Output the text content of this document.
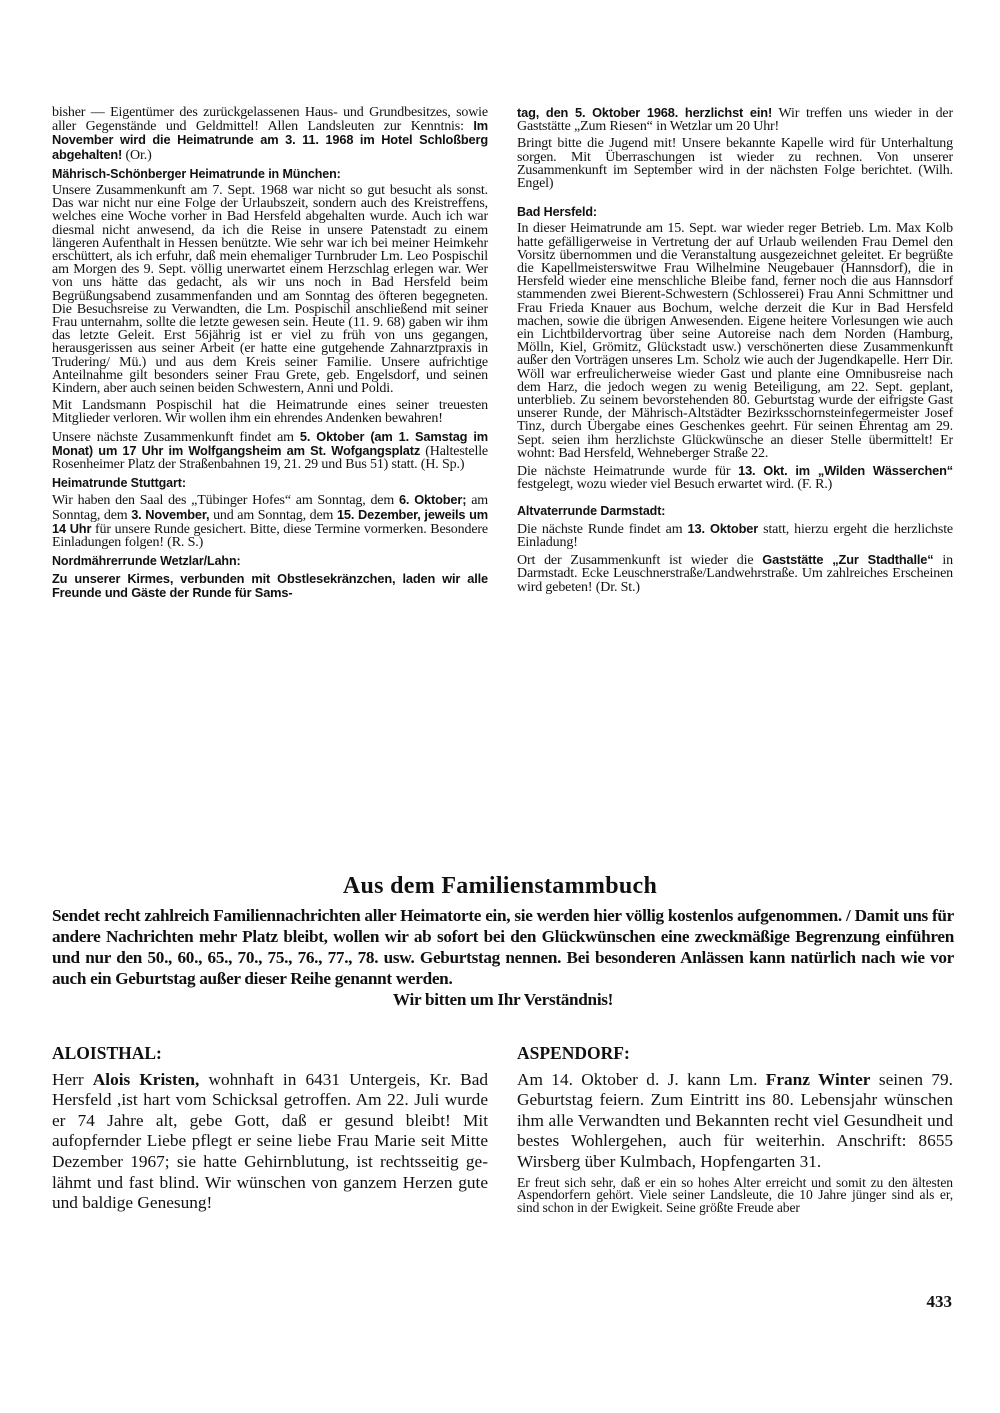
bisher — Eigentümer des zurückgelassenen Haus- und Grundbesitzes, sowie aller Gegenstände und Geldmittel! Allen Landsleuten zur Kenntnis: Im November wird die Heimatrunde am 3. 11. 1968 im Hotel Schloßberg abgehalten! (Or.)

Mährisch-Schönberger Heimatrunde in München:

Unsere Zusammenkunft am 7. Sept. 1968 war nicht so gut besucht als sonst. Das war nicht nur eine Folge der Urlaubszeit, sondern auch des Kreistreffens, welches eine Woche vorher in Bad Hersfeld abgehalten wurde. Auch ich war diesmal nicht anwesend, da ich die Reise in unsere Patenstadt zu einem längeren Aufenthalt in Hessen benützte. Wie sehr war ich bei meiner Heimkehr erschüttert, als ich erfuhr, daß mein ehemaliger Turnbruder Lm. Leo Pospischil am Morgen des 9. Sept. völlig unerwartet einem Herzschlag erlegen war. Wer von uns hätte das gedacht, als wir uns noch in Bad Hersfeld beim Begrüßungsabend zusammenfanden und am Sonntag des öfteren begegneten. Die Besuchsreise zu Verwandten, die Lm. Pospischil anschließend mit seiner Frau unternahm, sollte die letzte gewesen sein. Heute (11. 9. 68) gaben wir ihm das letzte Geleit. Erst 56jährig ist er viel zu früh von uns gegangen, herausgerissen aus seiner Arbeit (er hatte eine gutgehende Zahnarztpraxis in Trudering/ Mü.) und aus dem Kreis seiner Familie. Unsere aufrichtige Anteilnahme gilt besonders seiner Frau Grete, geb. Engelsdorf, und seinen Kindern, aber auch seinen beiden Schwestern, Anni und Poldi.

Mit Landsmann Pospischil hat die Heimatrunde eines seiner treuesten Mitglieder verloren. Wir wollen ihm ein ehrendes Andenken bewahren!

Unsere nächste Zusammenkunft findet am 5. Oktober (am 1. Samstag im Monat) um 17 Uhr im Wolfgangsheim am St. Wofgangsplatz (Haltestelle Rosenheimer Platz der Straßenbahnen 19, 21. 29 und Bus 51) statt. (H. Sp.)

Heimatrunde Stuttgart:

Wir haben den Saal des „Tübinger Hofes“ am Sonntag, dem 6. Oktober; am Sonntag, dem 3. November, und am Sonntag, dem 15. Dezember, jeweils um 14 Uhr für unsere Runde gesichert. Bitte, diese Termine vormerken. Besondere Einladungen folgen! (R. S.)

Nordmährerrunde Wetzlar/Lahn:

Zu unserer Kirmes, verbunden mit Obstlesekränzchen, laden wir alle Freunde und Gäste der Runde für Sams-

tag, den 5. Oktober 1968. herzlichst ein! Wir treffen uns wieder in der Gaststätte „Zum Riesen“ in Wetzlar um 20 Uhr!

Bringt bitte die Jugend mit! Unsere bekannte Kapelle wird für Unterhaltung sorgen. Mit Überraschungen ist wieder zu rechnen. Von unserer Zusammenkunft im September wird in der nächsten Folge berichtet. (Wilh. Engel)

Bad Hersfeld:

In dieser Heimatrunde am 15. Sept. war wieder reger Betrieb. Lm. Max Kolb hatte gefälligerweise in Vertretung der auf Urlaub weilenden Frau Demel den Vorsitz übernommen und die Veranstaltung ausgezeichnet geleitet. Er begrüßte die Kapellmeisterswitwe Frau Wilhelmine Neugebauer (Hannsdorf), die in Hersfeld wieder eine menschliche Bleibe fand, ferner noch die aus Hannsdorf stammenden zwei Bierent-Schwestern (Schlosserei) Frau Anni Schmittner und Frau Frieda Knauer aus Bochum, welche derzeit die Kur in Bad Hersfeld machen, sowie die übrigen Anwesenden. Eigene heitere Vorlesungen wie auch ein Lichtbildervortrag über seine Autoreise nach dem Norden (Hamburg, Mölln, Kiel, Grömitz, Glückstadt usw.) verschönerten diese Zusammenkunft außer den Vorträgen unseres Lm. Scholz wie auch der Jugendkapelle. Herr Dir. Wöll war erfreulicherweise wieder Gast und plante eine Omnibusreise nach dem Harz, die jedoch wegen zu wenig Beteiligung, am 22. Sept. geplant, unterblieb. Zu seinem bevorstehenden 80. Geburtstag wurde der eifrigste Gast unserer Runde, der Mährisch-Altstädter Bezirksschornsteinfegermeister Josef Tinz, durch Übergabe eines Geschenkes geehrt. Für seinen Ehrentag am 29. Sept. seien ihm herzlichste Glückwünsche an dieser Stelle übermittelt! Er wohnt: Bad Hersfeld, Wehneberger Straße 22.

Die nächste Heimatrunde wurde für 13. Okt. im „Wilden Wässerchen“ festgelegt, wozu wieder viel Besuch erwartet wird. (F. R.)

Altvaterrunde Darmstadt:

Die nächste Runde findet am 13. Oktober statt, hierzu ergeht die herzlichste Einladung!

Ort der Zusammenkunft ist wieder die Gaststätte „Zur Stadthalle“ in Darmstadt. Ecke Leuschnerstraße/Landwehrstraße. Um zahlreiches Erscheinen wird gebeten! (Dr. St.)

Aus dem Familienstammbuch
Sendet recht zahlreich Familiennachrichten aller Heimatorte ein, sie werden hier völlig kostenlos aufgenommen. / Damit uns für andere Nachrichten mehr Platz bleibt, wollen wir ab sofort bei den Glückwünschen eine zweckmäßige Begrenzung einführen und nur den 50., 60., 65., 70., 75., 76., 77., 78. usw. Geburtstag nennen. Bei besonderen Anlässen kann natürlich nach wie vor auch ein Geburtstag außer dieser Reihe genannt werden.
Wir bitten um Ihr Verständnis!
ALOISTHAL:

Herr Alois Kristen, wohnhaft in 6431 Untergeis, Kr. Bad Hersfeld ,ist hart vom Schicksal getroffen. Am 22. Juli wurde er 74 Jahre alt, gebe Gott, daß er gesund bleibt! Mit aufopfernder Liebe pflegt er seine liebe Frau Marie seit Mitte Dezember 1967; sie hatte Gehirnblutung, ist rechtsseitig gelähmt und fast blind. Wir wünschen von ganzem Herzen gute und baldige Genesung!

ASPENDORF:

Am 14. Oktober d. J. kann Lm. Franz Winter seinen 79. Geburtstag feiern. Zum Eintritt ins 80. Lebensjahr wünschen ihm alle Verwandten und Bekannten recht viel Gesundheit und bestes Wohlergehen, auch für weiterhin. Anschrift: 8655 Wirsberg über Kulmbach, Hopfengarten 31.

Er freut sich sehr, daß er ein so hohes Alter erreicht und somit zu den ältesten Aspendorfern gehört. Viele seiner Landsleute, die 10 Jahre jünger sind als er, sind schon in der Ewigkeit. Seine größte Freude aber

433
